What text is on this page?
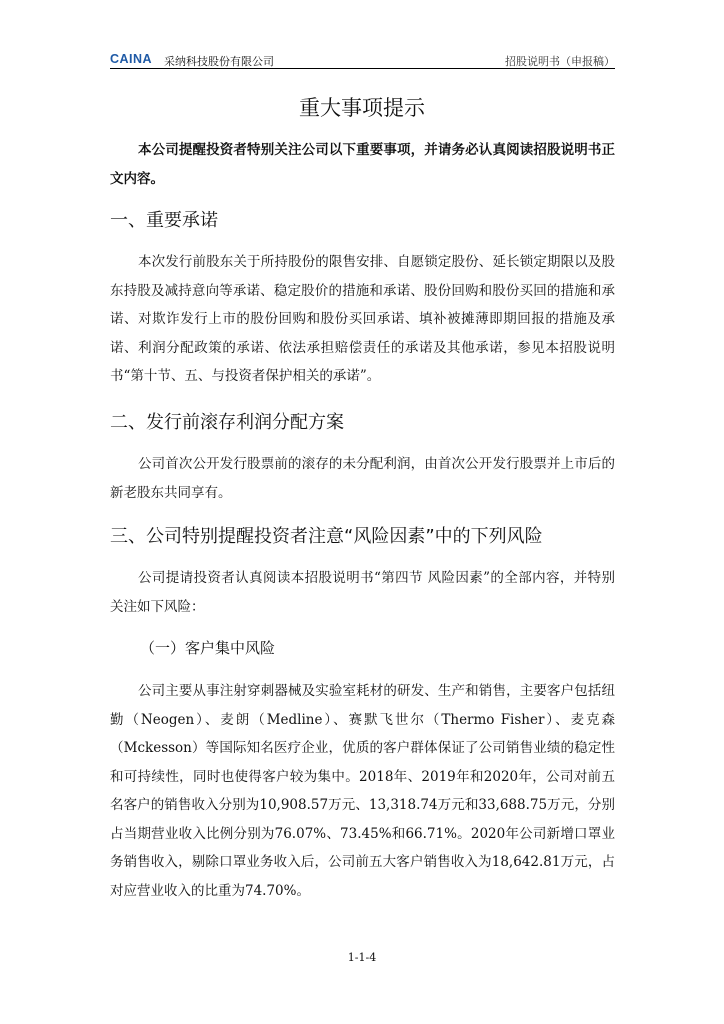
CAINA 采纳科技股份有限公司	招股说明书（申报稿）
重大事项提示

本公司提醒投资者特别关注公司以下重要事项，并请务必认真阅读招股说明书正文内容。

一、重要承诺

本次发行前股东关于所持股份的限售安排、自愿锁定股份、延长锁定期限以及股东持股及减持意向等承诺、稳定股价的措施和承诺、股份回购和股份买回的措施和承诺、对欺诈发行上市的股份回购和股份买回承诺、填补被摊薄即期回报的措施及承诺、利润分配政策的承诺、依法承担赔偿责任的承诺及其他承诺，参见本招股说明书“第十节、五、与投资者保护相关的承诺”。

二、发行前滚存利润分配方案

公司首次公开发行股票前的滚存的未分配利润，由首次公开发行股票并上市后的新老股东共同享有。

三、公司特别提醒投资者注意“风险因素”中的下列风险

公司提请投资者认真阅读本招股说明书“第四节 风险因素”的全部内容，并特别关注如下风险：

（一）客户集中风险

公司主要从事注射穿刺器械及实验室耗材的研发、生产和销售，主要客户包括纽勤（Neogen）、麦朗（Medline）、赛默飞世尔（Thermo Fisher）、麦克森（Mckesson）等国际知名医疗企业，优质的客户群体保证了公司销售业绩的稳定性和可持续性，同时也使得客户较为集中。2018年、2019年和2020年，公司对前五名客户的销售收入分别为10,908.57万元、13,318.74万元和33,688.75万元，分别占当期营业收入比例分别为76.07%、73.45%和66.71%。2020年公司新增口罩业务销售收入，剔除口罩业务收入后，公司前五大客户销售收入为18,642.81万元，占对应营业收入的比重为74.70%。

1-1-4
